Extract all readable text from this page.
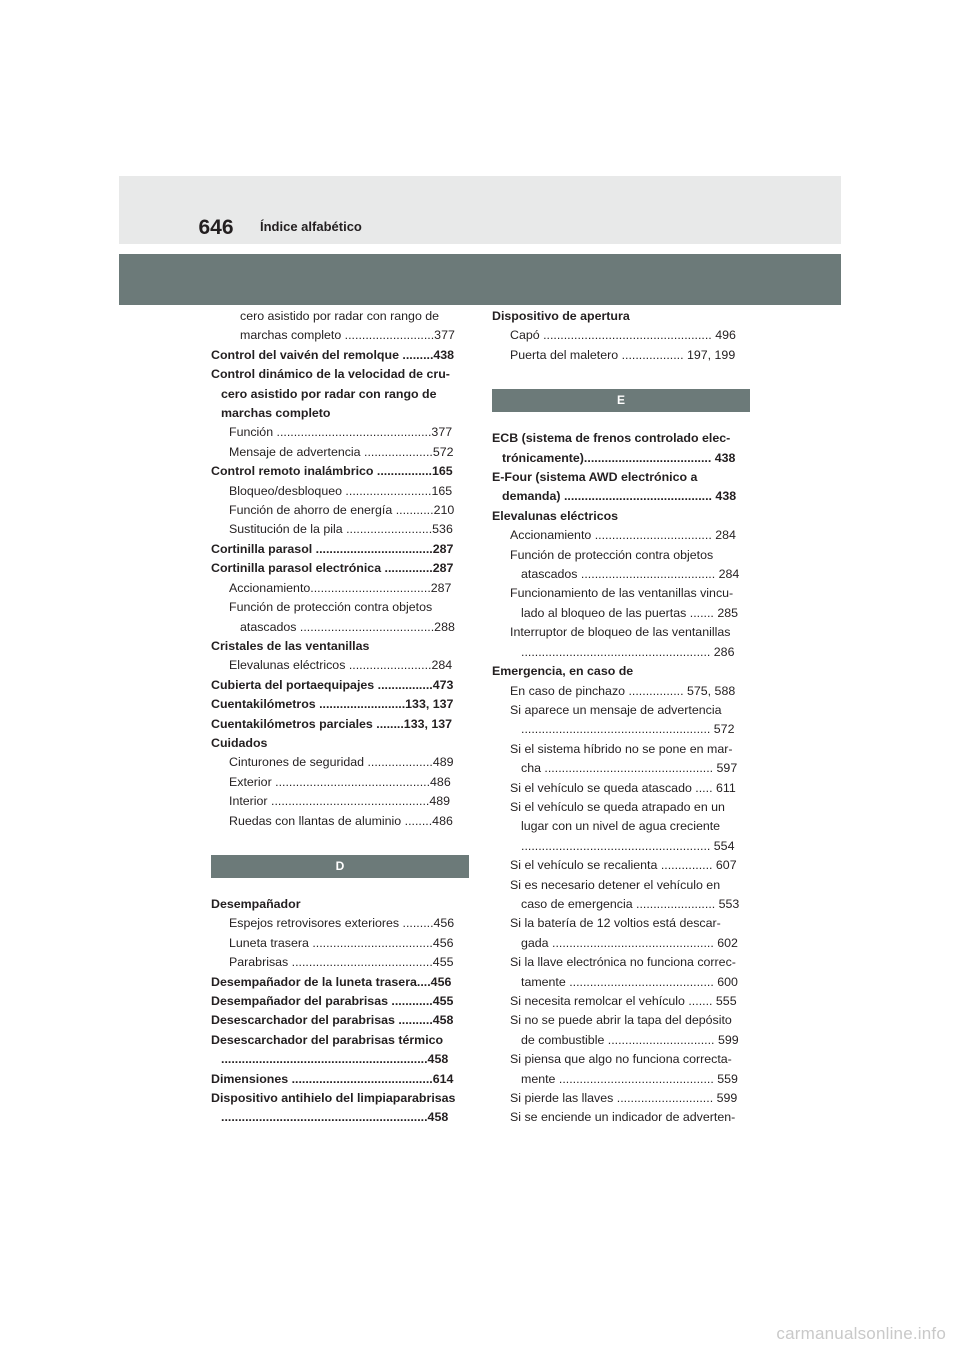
646 Índice alfabético
cero asistido por radar con rango de
marchas completo ..........................377
Control del vaivén del remolque .........438
Control dinámico de la velocidad de cru-
cero asistido por radar con rango de
marchas completo
Función .............................................377
Mensaje de advertencia ....................572
Control remoto inalámbrico ................165
Bloqueo/desbloqueo .........................165
Función de ahorro de energía ...........210
Sustitución de la pila .........................536
Cortinilla parasol ..................................287
Cortinilla parasol electrónica ..............287
Accionamiento...................................287
Función de protección contra objetos
atascados .......................................288
Cristales de las ventanillas
Elevalunas eléctricos ........................284
Cubierta del portaequipajes ................473
Cuentakilómetros .........................133, 137
Cuentakilómetros parciales ........133, 137
Cuidados
Cinturones de seguridad ...................489
Exterior .............................................486
Interior ..............................................489
Ruedas con llantas de aluminio ........486
D
Desempañador
Espejos retrovisores exteriores .........456
Luneta trasera ...................................456
Parabrisas .........................................455
Desempañador de la luneta trasera....456
Desempañador del parabrisas ............455
Desescarchador del parabrisas ..........458
Desescarchador del parabrisas térmico
............................................................458
Dimensiones .........................................614
Dispositivo antihielo del limpiaparabrisas
............................................................458
Dispositivo de apertura
Capó ................................................. 496
Puerta del maletero .................. 197, 199
E
ECB (sistema de frenos controlado elec-
trónicamente)..................................... 438
E-Four (sistema AWD electrónico a
demanda) ........................................... 438
Elevalunas eléctricos
Accionamiento .................................. 284
Función de protección contra objetos
atascados ....................................... 284
Funcionamiento de las ventanillas vincu-
lado al bloqueo de las puertas ....... 285
Interruptor de bloqueo de las ventanillas
....................................................... 286
Emergencia, en caso de
En caso de pinchazo ................ 575, 588
Si aparece un mensaje de advertencia
....................................................... 572
Si el sistema híbrido no se pone en mar-
cha ................................................. 597
Si el vehículo se queda atascado ..... 611
Si el vehículo se queda atrapado en un
lugar con un nivel de agua creciente
....................................................... 554
Si el vehículo se recalienta ............... 607
Si es necesario detener el vehículo en
caso de emergencia ....................... 553
Si la batería de 12 voltios está descar-
gada ............................................... 602
Si la llave electrónica no funciona correc-
tamente .......................................... 600
Si necesita remolcar el vehículo ....... 555
Si no se puede abrir la tapa del depósito
de combustible ............................... 599
Si piensa que algo no funciona correcta-
mente ............................................. 559
Si pierde las llaves ............................ 599
Si se enciende un indicador de adverten-
carmanualsonline.info
